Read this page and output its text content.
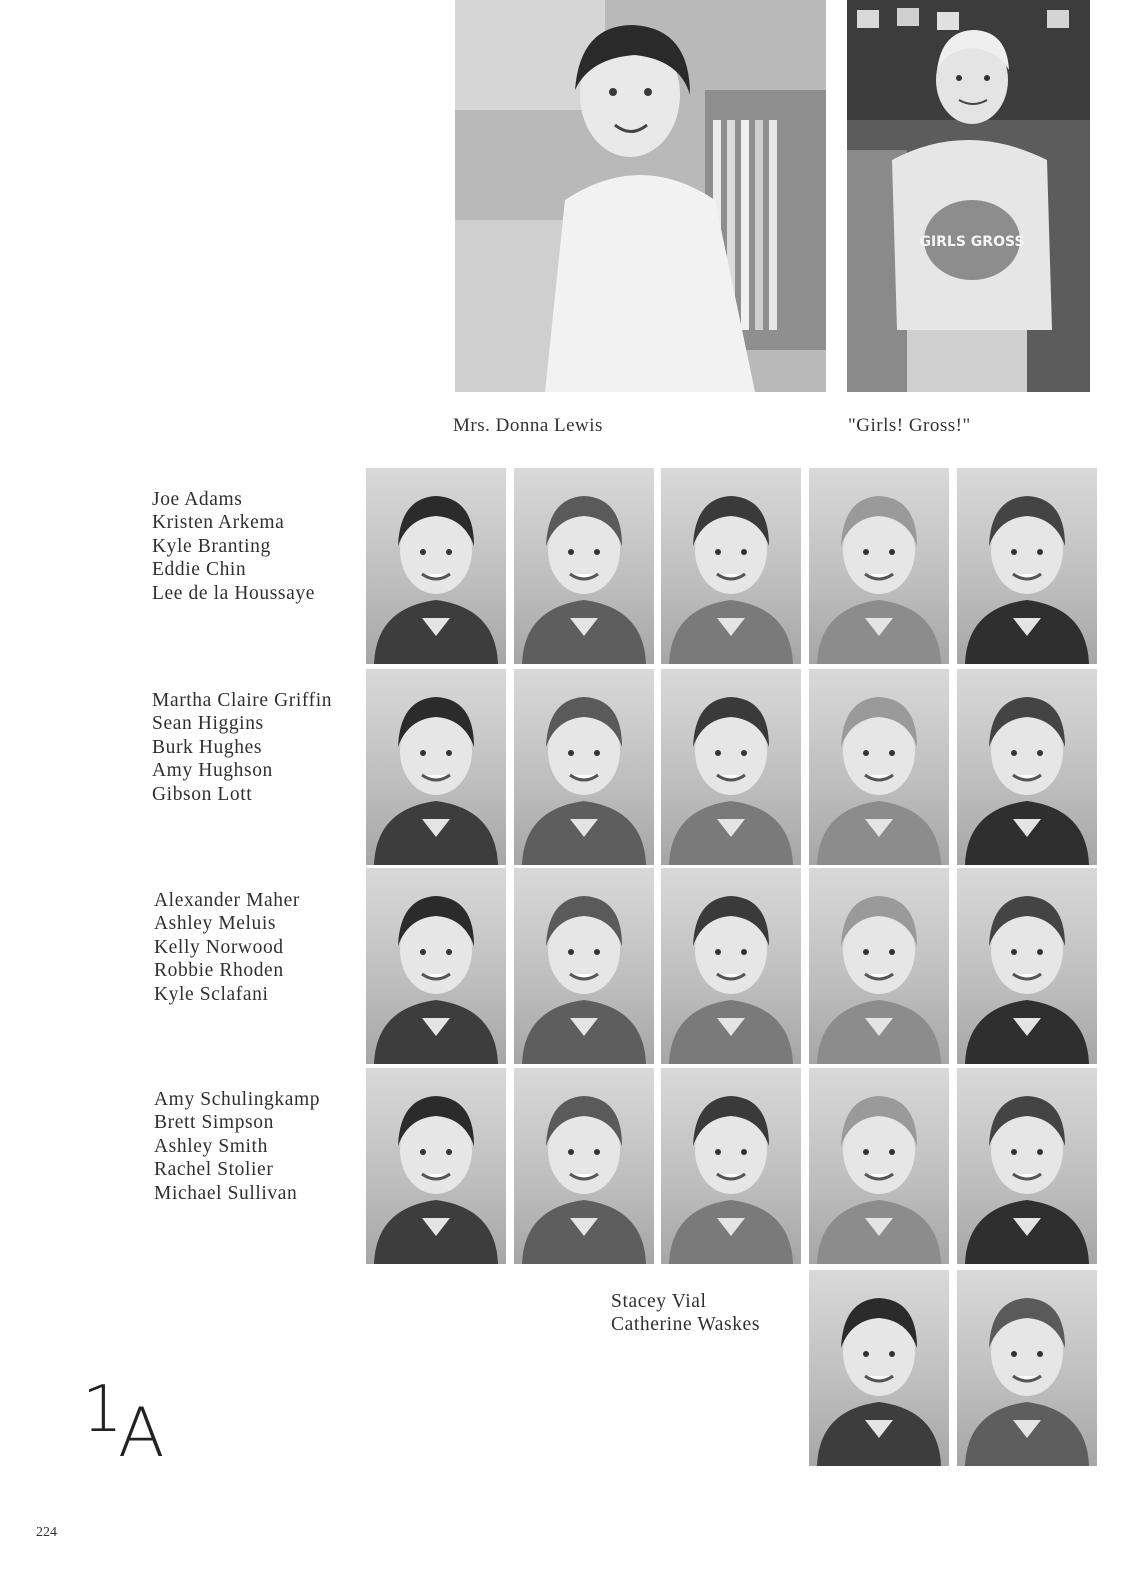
GIRLS GROSS
Mrs. Donna Lewis	"Girls! Gross!"
Joe Adams
Kristen Arkema
Kyle Branting
Eddie Chin
Lee de la Houssaye
Martha Claire Griffin
Sean Higgins
Burk Hughes
Amy Hughson
Gibson Lott
Alexander Maher
Ashley Meluis
Kelly Norwood
Robbie Rhoden
Kyle Sclafani
Amy Schulingkamp
Brett Simpson
Ashley Smith
Rachel Stolier
Michael Sullivan
Stacey Vial
Catherine Waskes
1
A
224
